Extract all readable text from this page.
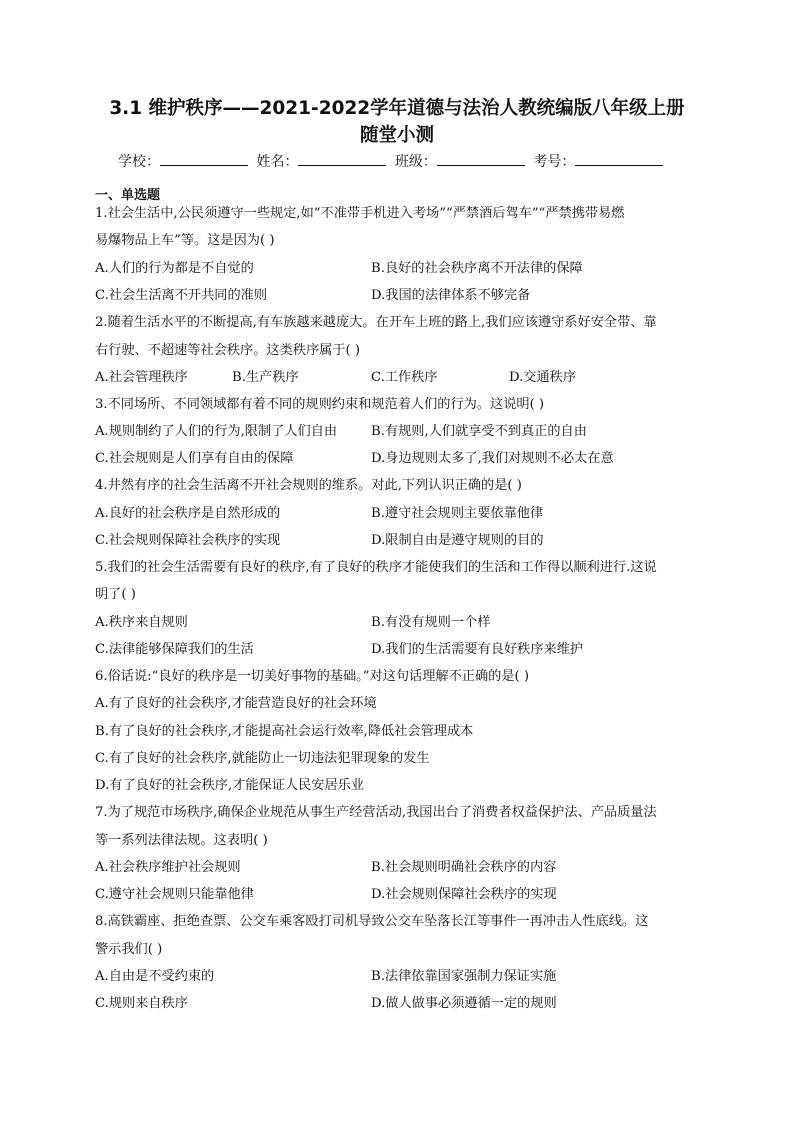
3.1 维护秩序——2021-2022学年道德与法治人教统编版八年级上册
随堂小测
学校：	姓名：	班级：	考号：
一、单选题
1.社会生活中,公民须遵守一些规定,如“不准带手机进入考场”“严禁酒后驾车”“严禁携带易燃
易爆物品上车”等。这是因为( )
A.人们的行为都是不自觉的	B.良好的社会秩序离不开法律的保障
C.社会生活离不开共同的准则	D.我国的法律体系不够完备
2.随着生活水平的不断提高,有车族越来越庞大。在开车上班的路上,我们应该遵守系好安全带、靠
右行驶、不超速等社会秩序。这类秩序属于( )
A.社会管理秩序	B.生产秩序	C.工作秩序	D.交通秩序
3.不同场所、不同领域都有着不同的规则约束和规范着人们的行为。这说明( )
A.规则制约了人们的行为,限制了人们自由	B.有规则,人们就享受不到真正的自由
C.社会规则是人们享有自由的保障	D.身边规则太多了,我们对规则不必太在意
4.井然有序的社会生活离不开社会规则的维系。对此,下列认识正确的是( )
A.良好的社会秩序是自然形成的	B.遵守社会规则主要依靠他律
C.社会规则保障社会秩序的实现	D.限制自由是遵守规则的目的
5.我们的社会生活需要有良好的秩序,有了良好的秩序才能使我们的生活和工作得以顺利进行.这说
明了( )
A.秩序来自规则	B.有没有规则一个样
C.法律能够保障我们的生活	D.我们的生活需要有良好秩序来维护
6.俗话说:“良好的秩序是一切美好事物的基础。”对这句话理解不正确的是( )
A.有了良好的社会秩序,才能营造良好的社会环境
B.有了良好的社会秩序,才能提高社会运行效率,降低社会管理成本
C.有了良好的社会秩序,就能防止一切违法犯罪现象的发生
D.有了良好的社会秩序,才能保证人民安居乐业
7.为了规范市场秩序,确保企业规范从事生产经营活动,我国出台了消费者权益保护法、产品质量法
等一系列法律法规。这表明( )
A.社会秩序维护社会规则	B.社会规则明确社会秩序的内容
C.遵守社会规则只能靠他律	D.社会规则保障社会秩序的实现
8.高铁霸座、拒绝查票、公交车乘客殴打司机导致公交车坠落长江等事件一再冲击人性底线。这
警示我们( )
A.自由是不受约束的	B.法律依靠国家强制力保证实施
C.规则来自秩序	D.做人做事必须遵循一定的规则
